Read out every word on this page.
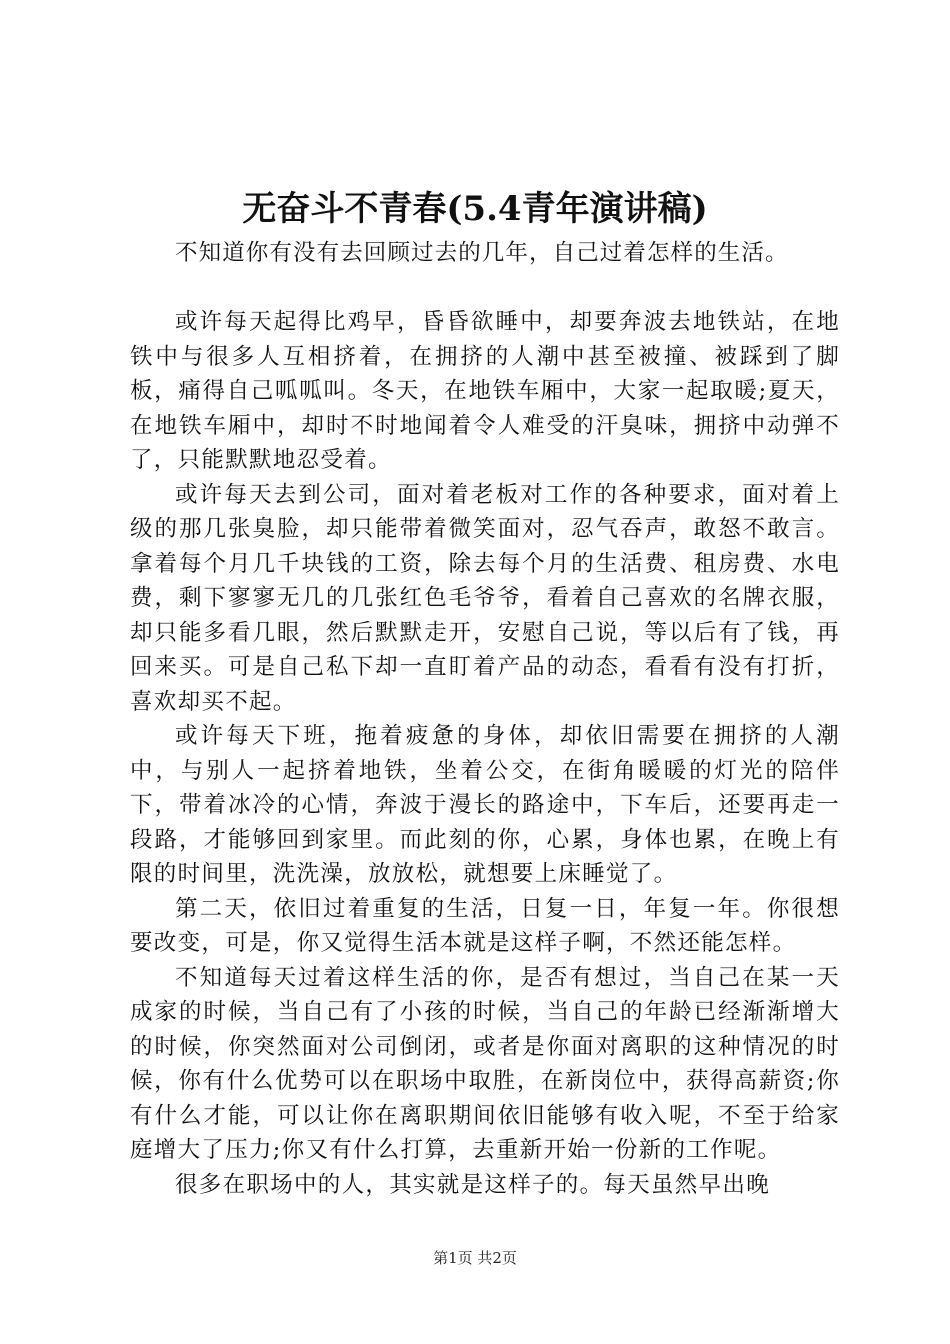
无奋斗不青春(5.4青年演讲稿)

不知道你有没有去回顾过去的几年，自己过着怎样的生活。

或许每天起得比鸡早，昏昏欲睡中，却要奔波去地铁站，在地铁中与很多人互相挤着，在拥挤的人潮中甚至被撞、被踩到了脚板，痛得自己呱呱叫。冬天，在地铁车厢中，大家一起取暖;夏天，在地铁车厢中，却时不时地闻着令人难受的汗臭味，拥挤中动弹不了，只能默默地忍受着。

或许每天去到公司，面对着老板对工作的各种要求，面对着上级的那几张臭脸，却只能带着微笑面对，忍气吞声，敢怒不敢言。拿着每个月几千块钱的工资，除去每个月的生活费、租房费、水电费，剩下寥寥无几的几张红色毛爷爷，看着自己喜欢的名牌衣服，却只能多看几眼，然后默默走开，安慰自己说，等以后有了钱，再回来买。可是自己私下却一直盯着产品的动态，看看有没有打折，喜欢却买不起。

或许每天下班，拖着疲惫的身体，却依旧需要在拥挤的人潮中，与别人一起挤着地铁，坐着公交，在街角暖暖的灯光的陪伴下，带着冰冷的心情，奔波于漫长的路途中，下车后，还要再走一段路，才能够回到家里。而此刻的你，心累，身体也累，在晚上有限的时间里，洗洗澡，放放松，就想要上床睡觉了。

第二天，依旧过着重复的生活，日复一日，年复一年。你很想要改变，可是，你又觉得生活本就是这样子啊，不然还能怎样。

不知道每天过着这样生活的你，是否有想过，当自己在某一天成家的时候，当自己有了小孩的时候，当自己的年龄已经渐渐增大的时候，你突然面对公司倒闭，或者是你面对离职的这种情况的时候，你有什么优势可以在职场中取胜，在新岗位中，获得高薪资;你有什么才能，可以让你在离职期间依旧能够有收入呢，不至于给家庭增大了压力;你又有什么打算，去重新开始一份新的工作呢。

很多在职场中的人，其实就是这样子的。每天虽然早出晚

第1页 共2页
